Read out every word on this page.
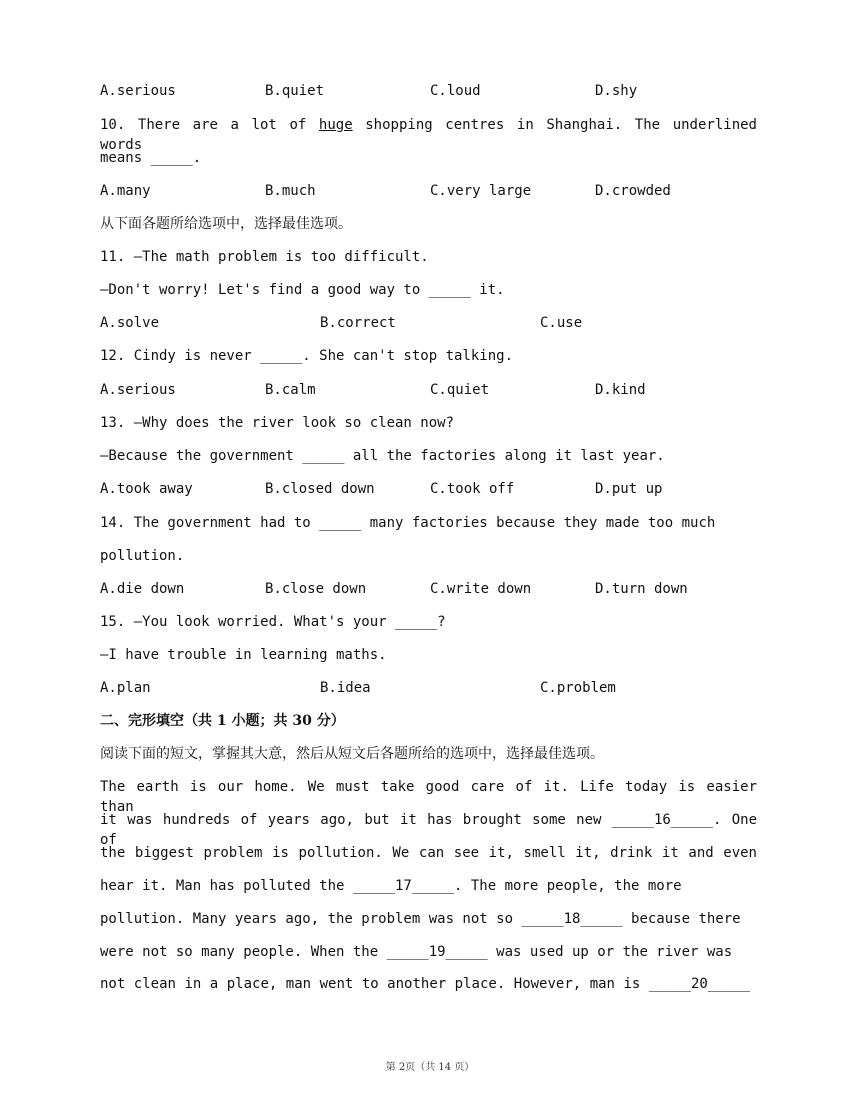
A.serious	B.quiet	C.loud	D.shy
10. There are a lot of huge shopping centres in Shanghai. The underlined words
means _____.
A.many	B.much	C.very large	D.crowded
从下面各题所给选项中，选择最佳选项。
11. —The math problem is too difficult.
—Don't worry! Let's find a good way to _____ it.
A.solve	B.correct	C.use
12. Cindy is never _____. She can't stop talking.
A.serious	B.calm	C.quiet	D.kind
13. —Why does the river look so clean now?
—Because the government _____ all the factories along it last year.
A.took away	B.closed down	C.took off	D.put up
14. The government had to _____ many factories because they made too much
pollution.
A.die down	B.close down	C.write down	D.turn down
15. —You look worried. What's your _____?
—I have trouble in learning maths.
A.plan	B.idea	C.problem
二、完形填空（共 1 小题；共 30 分）
阅读下面的短文，掌握其大意，然后从短文后各题所给的选项中，选择最佳选项。
The earth is our home. We must take good care of it. Life today is easier than
it was hundreds of years ago, but it has brought some new _____16_____. One of
the biggest problem is pollution. We can see it, smell it, drink it and even
hear it. Man has polluted the _____17_____. The more people, the more
pollution. Many years ago, the problem was not so _____18_____ because there
were not so many people. When the _____19_____ was used up or the river was
not clean in a place, man went to another place. However, man is _____20_____
第 2页（共 14 页）
